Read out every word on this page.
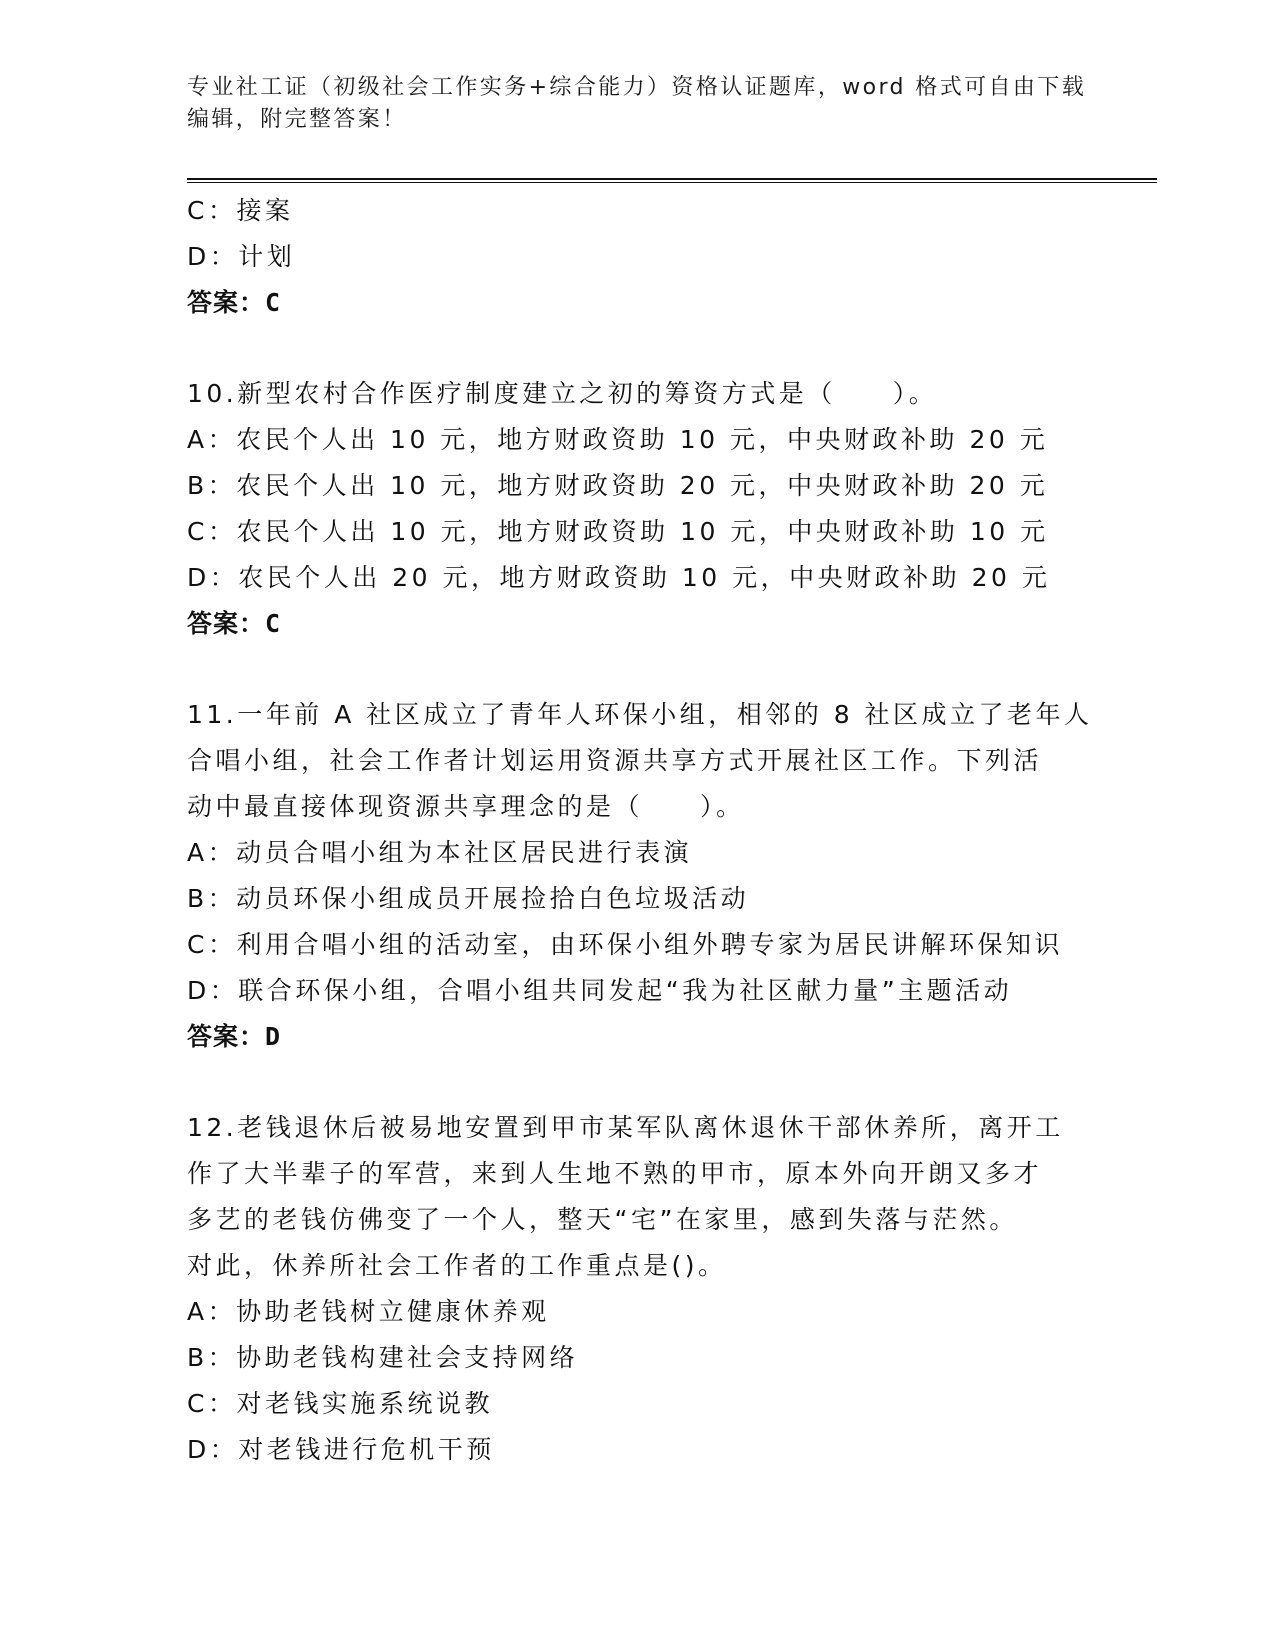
专业社工证（初级社会工作实务+综合能力）资格认证题库，word 格式可自由下载
编辑，附完整答案！
C：接案
D：计划
答案：C
10.新型农村合作医疗制度建立之初的筹资方式是（　　）。
A：农民个人出 10 元，地方财政资助 10 元，中央财政补助 20 元
B：农民个人出 10 元，地方财政资助 20 元，中央财政补助 20 元
C：农民个人出 10 元，地方财政资助 10 元，中央财政补助 10 元
D：农民个人出 20 元，地方财政资助 10 元，中央财政补助 20 元
答案：C
11.一年前 A 社区成立了青年人环保小组，相邻的 8 社区成立了老年人
合唱小组，社会工作者计划运用资源共享方式开展社区工作。下列活
动中最直接体现资源共享理念的是（　　）。
A：动员合唱小组为本社区居民进行表演
B：动员环保小组成员开展捡拾白色垃圾活动
C：利用合唱小组的活动室，由环保小组外聘专家为居民讲解环保知识
D：联合环保小组，合唱小组共同发起“我为社区献力量”主题活动
答案：D
12.老钱退休后被易地安置到甲市某军队离休退休干部休养所，离开工
作了大半辈子的军营，来到人生地不熟的甲市，原本外向开朗又多才
多艺的老钱仿佛变了一个人，整天“宅”在家里，感到失落与茫然。
对此，休养所社会工作者的工作重点是()。
A：协助老钱树立健康休养观
B：协助老钱构建社会支持网络
C：对老钱实施系统说教
D：对老钱进行危机干预
